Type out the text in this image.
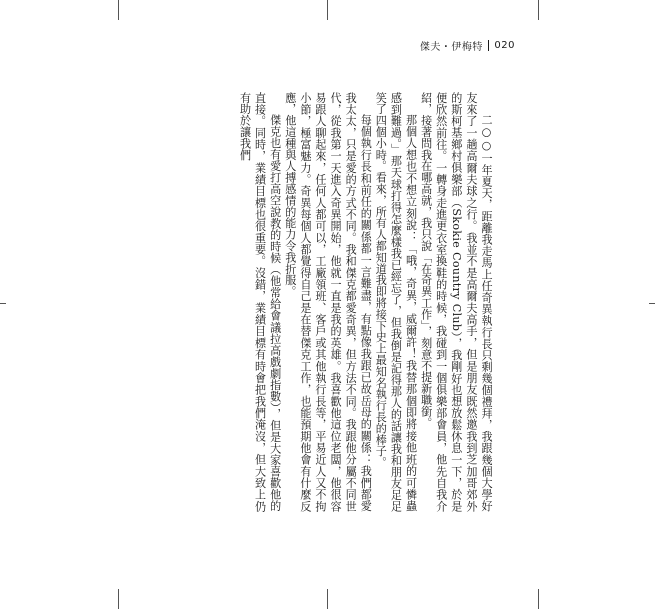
傑夫・伊梅特 020

二○○一年夏天，距離我走馬上任奇異執行長只剩幾個禮拜，我跟幾個大學好友來了一趟高爾夫球之行。我並不是高爾夫高手，但是朋友既然邀我到芝加哥郊外的斯柯基鄉村俱樂部（Skokie Country Club），我剛好也想放鬆休息一下，於是便欣然前往。一轉身走進更衣室換鞋的時候，我碰到一個俱樂部會員，他先自我介紹，接著問我在哪高就，我只說「在奇異工作」，刻意不提新職銜。

那個人想也不想立刻說：「哦，奇異，威爾許！我替那個即將接他班的可憐蟲感到難過。」那天球打得怎麼樣我已經忘了，但我倒是記得那人的話讓我和朋友足足笑了四個小時。看來，所有人都知道我即將接下史上最知名執行長的棒子。

每個執行長和前任的關係都一言難盡，有點像我跟已故岳母的關係：我們都愛我太太，只是愛的方式不同。我和傑克都愛奇異，但方法不同。我跟他分屬不同世代，從我第一天進入奇異開始，他就一直是我的英雄。我喜歡他這位老闆，他很容易跟人聊起來，任何人都可以，工廠領班、客戶或其他執行長等，平易近人又不拘小節，極富魅力。奇異每個人都覺得自己是在替傑克工作，也能預期他會有什麼反應，他這種與人搏感情的能力令我折服。

傑克也有愛打高空說教的時候（他常給會議拉高戲劇指數），但是大家喜歡他的直接。同時，業績目標也很重要。沒錯，業績目標有時會把我們淹沒，但大致上仍有助於讓我們
